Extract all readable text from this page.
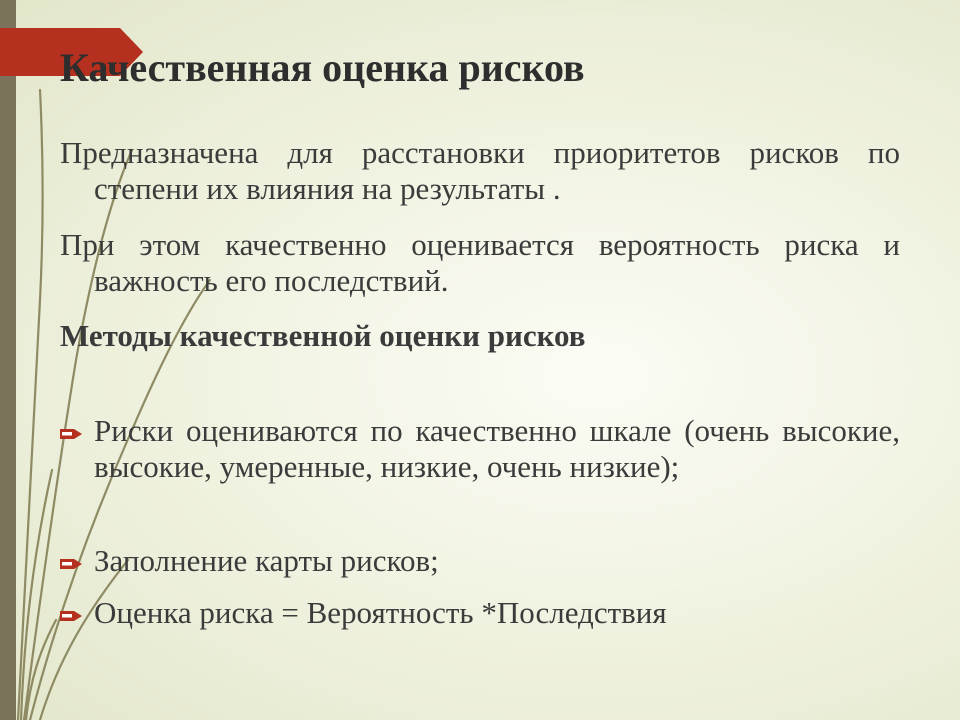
Качественная оценка рисков

Предназначена для расстановки приоритетов рисков по степени их влияния на результаты .

При этом качественно оценивается вероятность риска и важность его последствий.

Методы качественной оценки рисков

Риски оцениваются по качественно шкале (очень высокие, высокие, умеренные, низкие, очень низкие);

Заполнение карты рисков;

Оценка риска = Вероятность *Последствия
